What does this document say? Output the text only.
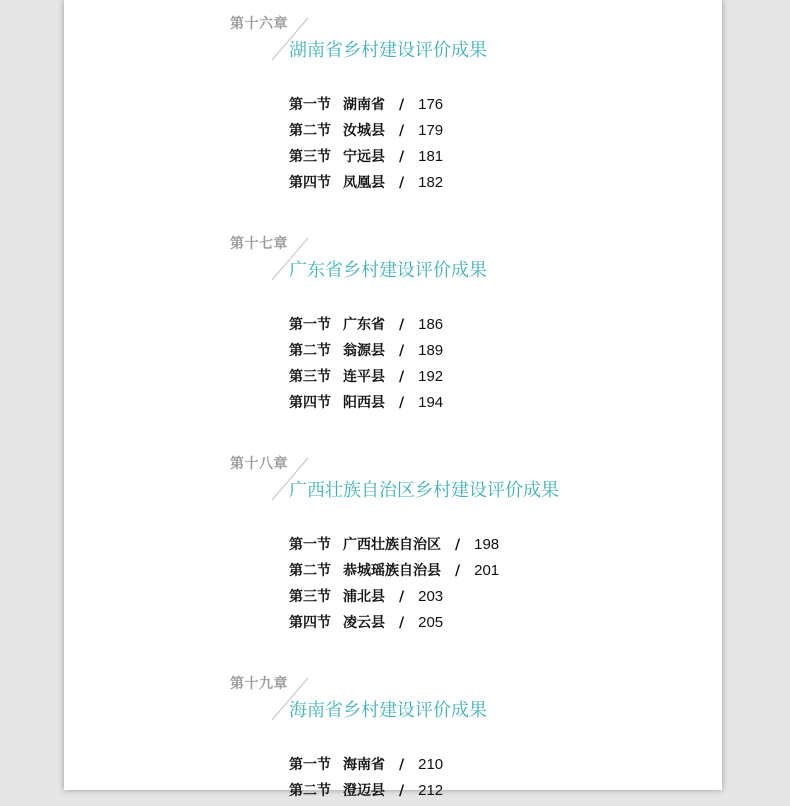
第十六章
湖南省乡村建设评价成果
第一节 湖南省 / 176
第二节 汝城县 / 179
第三节 宁远县 / 181
第四节 凤凰县 / 182
第十七章
广东省乡村建设评价成果
第一节 广东省 / 186
第二节 翁源县 / 189
第三节 连平县 / 192
第四节 阳西县 / 194
第十八章
广西壮族自治区乡村建设评价成果
第一节 广西壮族自治区 / 198
第二节 恭城瑶族自治县 / 201
第三节 浦北县 / 203
第四节 凌云县 / 205
第十九章
海南省乡村建设评价成果
第一节 海南省 / 210
第二节 澄迈县 / 212
